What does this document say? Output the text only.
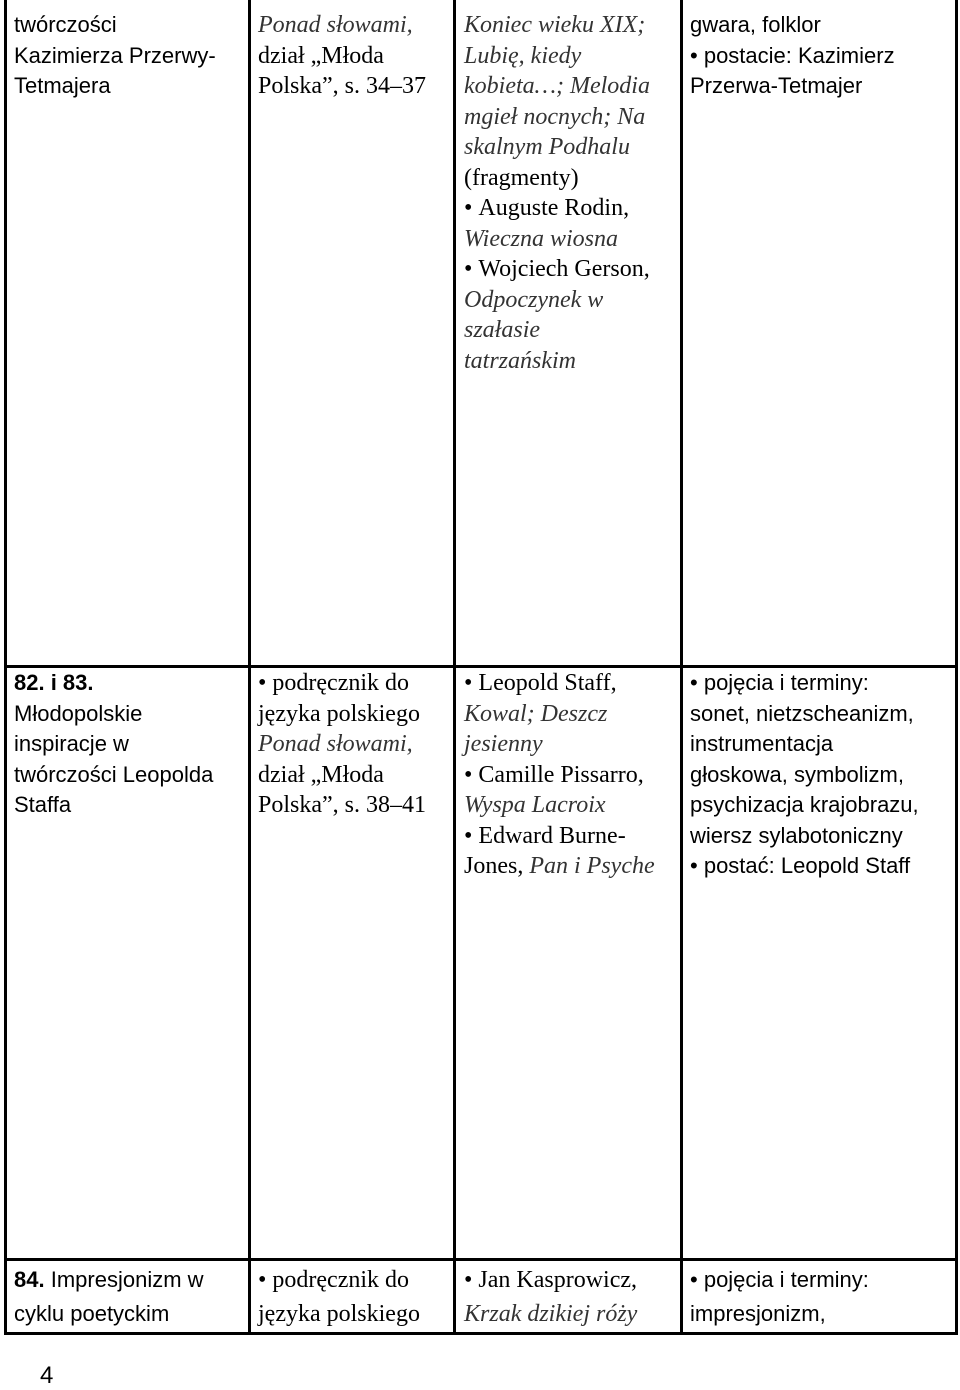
twórczości

Kazimierza Przerwy-

Tetmajera

Ponad słowami,

dział „Młoda

Polska”, s. 34–37

Koniec wieku XIX;

Lubię, kiedy

kobieta…; Melodia

mgieł nocnych; Na

skalnym Podhalu

(fragmenty)

• Auguste Rodin,

Wieczna wiosna

• Wojciech Gerson,

Odpoczynek w

szałasie

tatrzańskim

gwara, folklor

• postacie: Kazimierz

Przerwa-Tetmajer

82. i 83.

Młodopolskie

inspiracje w

twórczości Leopolda

Staffa

• podręcznik do

języka polskiego

Ponad słowami,

dział „Młoda

Polska”, s. 38–41

• Leopold Staff,

Kowal; Deszcz

jesienny

• Camille Pissarro,

Wyspa Lacroix

• Edward Burne-

Jones, Pan i Psyche

• pojęcia i terminy:

sonet, nietzscheanizm,

instrumentacja

głoskowa, symbolizm,

psychizacja krajobrazu,

wiersz sylabotoniczny

• postać: Leopold Staff

84. Impresjonizm w

cyklu poetyckim

• podręcznik do

języka polskiego

• Jan Kasprowicz,

Krzak dzikiej róży

• pojęcia i terminy:

impresjonizm,

4
